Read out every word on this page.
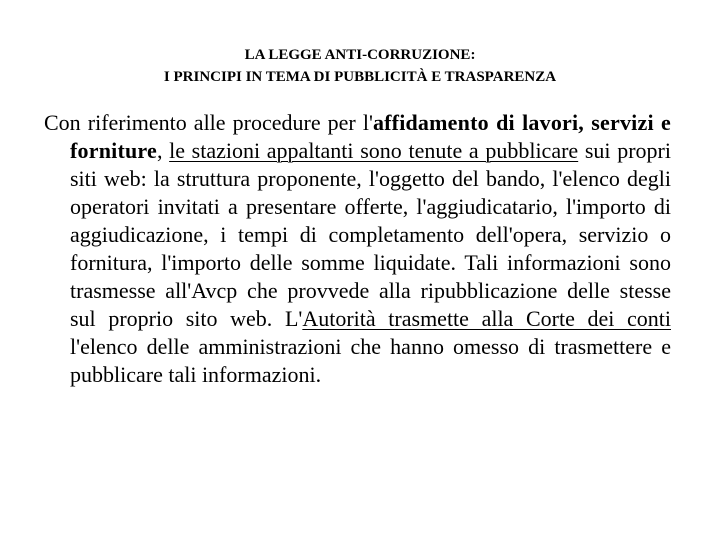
LA LEGGE ANTI-CORRUZIONE:
I PRINCIPI IN TEMA DI PUBBLICITÀ E TRASPARENZA
Con riferimento alle procedure per l'affidamento di lavori, servizi e forniture, le stazioni appaltanti sono tenute a pubblicare sui propri siti web: la struttura proponente, l'oggetto del bando, l'elenco degli operatori invitati a presentare offerte, l'aggiudicatario, l'importo di aggiudicazione, i tempi di completamento dell'opera, servizio o fornitura, l'importo delle somme liquidate. Tali informazioni sono trasmesse all'Avcp che provvede alla ripubblicazione delle stesse sul proprio sito web. L'Autorità trasmette alla Corte dei conti l'elenco delle amministrazioni che hanno omesso di trasmettere e pubblicare tali informazioni.
